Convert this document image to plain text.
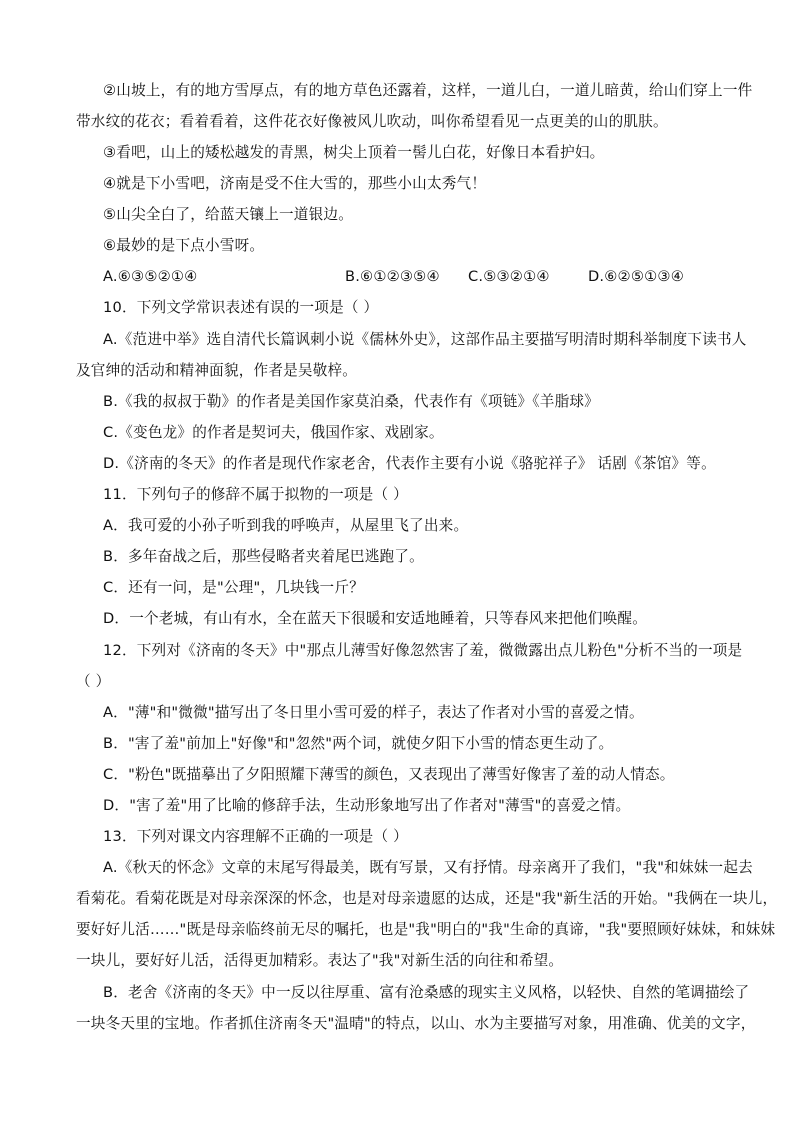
②山坡上，有的地方雪厚点，有的地方草色还露着，这样，一道儿白，一道儿暗黄，给山们穿上一件
带水纹的花衣；看着看着，这件花衣好像被风儿吹动，叫你希望看见一点更美的山的肌肤。
③看吧，山上的矮松越发的青黑，树尖上顶着一髻儿白花，好像日本看护妇。
④就是下小雪吧，济南是受不住大雪的，那些小山太秀气！
⑤山尖全白了，给蓝天镶上一道银边。
⑥最妙的是下点小雪呀。
A.⑥③⑤②①④	B.⑥①②③⑤④ C.⑤③②①④	D.⑥②⑤①③④
10．下列文学常识表述有误的一项是（ ）
A.《范进中举》选自清代长篇讽刺小说《儒林外史》，这部作品主要描写明清时期科举制度下读书人
及官绅的活动和精神面貌，作者是吴敬梓。
B.《我的叔叔于勒》的作者是美国作家莫泊桑，代表作有《项链》《羊脂球》
C.《变色龙》的作者是契诃夫，俄国作家、戏剧家。
D.《济南的冬天》的作者是现代作家老舍，代表作主要有小说《骆驼祥子》 话剧《茶馆》等。
11．下列句子的修辞不属于拟物的一项是（ ）
A．我可爱的小孙子听到我的呼唤声，从屋里飞了出来。
B．多年奋战之后，那些侵略者夹着尾巴逃跑了。
C．还有一问，是"公理"，几块钱一斤？
D．一个老城，有山有水，全在蓝天下很暖和安适地睡着，只等春风来把他们唤醒。
12．下列对《济南的冬天》中"那点儿薄雪好像忽然害了羞，微微露出点儿粉色"分析不当的一项是
（ ）
A．"薄"和"微微"描写出了冬日里小雪可爱的样子，表达了作者对小雪的喜爱之情。
B．"害了羞"前加上"好像"和"忽然"两个词，就使夕阳下小雪的情态更生动了。
C．"粉色"既描摹出了夕阳照耀下薄雪的颜色，又表现出了薄雪好像害了羞的动人情态。
D．"害了羞"用了比喻的修辞手法，生动形象地写出了作者对"薄雪"的喜爱之情。
13．下列对课文内容理解不正确的一项是（ ）
A.《秋天的怀念》文章的末尾写得最美，既有写景，又有抒情。母亲离开了我们，"我"和妹妹一起去
看菊花。看菊花既是对母亲深深的怀念，也是对母亲遗愿的达成，还是"我"新生活的开始。"我俩在一块儿，
要好好儿活……"既是母亲临终前无尽的嘱托，也是"我"明白的"我"生命的真谛，"我"要照顾好妹妹，和妹妹
一块儿，要好好儿活，活得更加精彩。表达了"我"对新生活的向往和希望。
B．老舍《济南的冬天》中一反以往厚重、富有沧桑感的现实主义风格，以轻快、自然的笔调描绘了
一块冬天里的宝地。作者抓住济南冬天"温晴"的特点，以山、水为主要描写对象，用准确、优美的文字，
